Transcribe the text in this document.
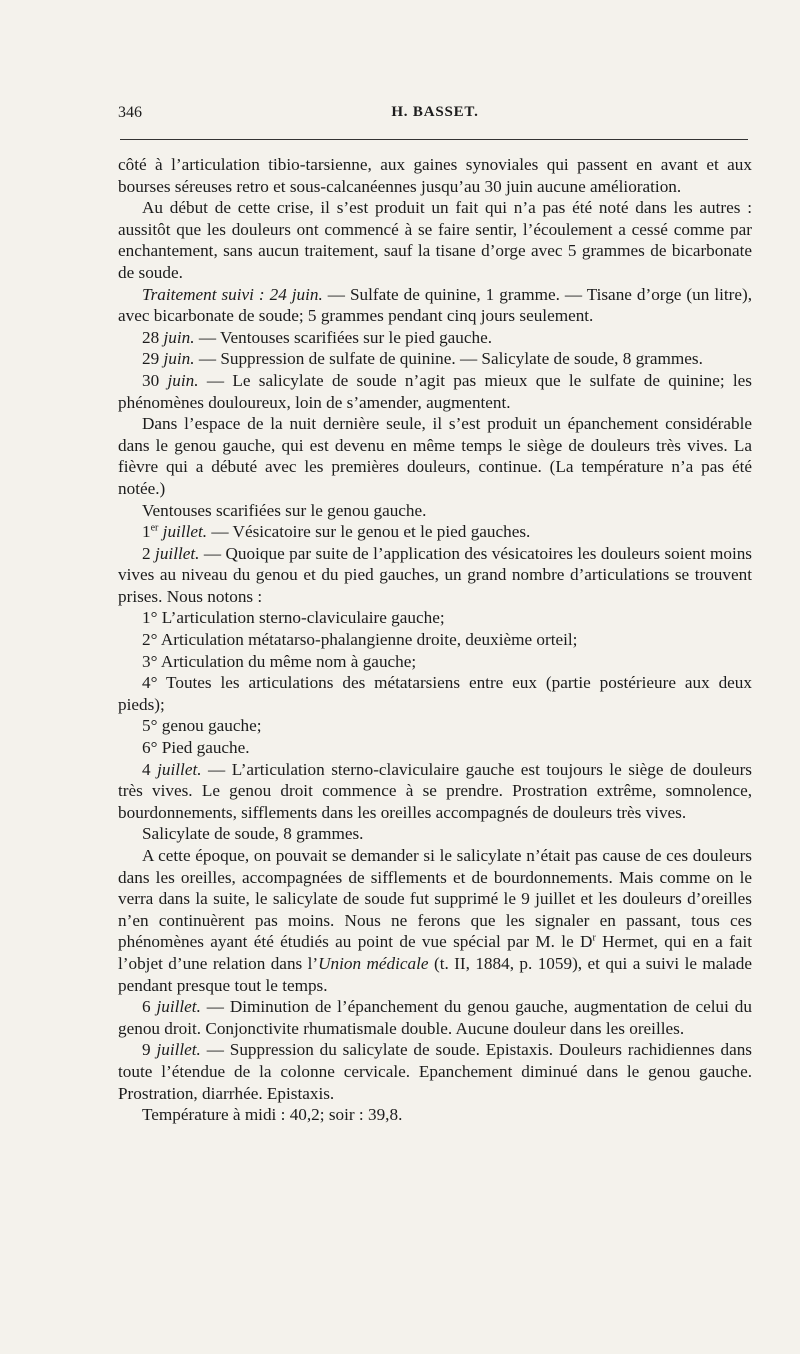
346	H. BASSET.

côté à l’articulation tibio-tarsienne, aux gaines synoviales qui passent en avant et aux bourses séreuses retro et sous-calcanéennes jusqu’au 30 juin aucune amélioration.

Au début de cette crise, il s’est produit un fait qui n’a pas été noté dans les autres : aussitôt que les douleurs ont commencé à se faire sentir, l’écoulement a cessé comme par enchantement, sans aucun traitement, sauf la tisane d’orge avec 5 grammes de bicarbonate de soude.

Traitement suivi : 24 juin. — Sulfate de quinine, 1 gramme. — Tisane d’orge (un litre), avec bicarbonate de soude; 5 grammes pendant cinq jours seulement.

28 juin. — Ventouses scarifiées sur le pied gauche.

29 juin. — Suppression de sulfate de quinine. — Salicylate de soude, 8 grammes.

30 juin. — Le salicylate de soude n’agit pas mieux que le sulfate de quinine; les phénomènes douloureux, loin de s’amender, augmentent.

Dans l’espace de la nuit dernière seule, il s’est produit un épanchement considérable dans le genou gauche, qui est devenu en même temps le siège de douleurs très vives. La fièvre qui a débuté avec les premières douleurs, continue. (La température n’a pas été notée.)

Ventouses scarifiées sur le genou gauche.

1er juillet. — Vésicatoire sur le genou et le pied gauches.

2 juillet. — Quoique par suite de l’application des vésicatoires les douleurs soient moins vives au niveau du genou et du pied gauches, un grand nombre d’articulations se trouvent prises. Nous notons :

1° L’articulation sterno-claviculaire gauche;

2° Articulation métatarso-phalangienne droite, deuxième orteil;

3° Articulation du même nom à gauche;

4° Toutes les articulations des métatarsiens entre eux (partie postérieure aux deux pieds);

5° genou gauche;

6° Pied gauche.

4 juillet. — L’articulation sterno-claviculaire gauche est toujours le siège de douleurs très vives. Le genou droit commence à se prendre. Prostration extrême, somnolence, bourdonnements, sifflements dans les oreilles accompagnés de douleurs très vives.

Salicylate de soude, 8 grammes.

A cette époque, on pouvait se demander si le salicylate n’était pas cause de ces douleurs dans les oreilles, accompagnées de sifflements et de bourdonnements. Mais comme on le verra dans la suite, le salicylate de soude fut supprimé le 9 juillet et les douleurs d’oreilles n’en continuèrent pas moins. Nous ne ferons que les signaler en passant, tous ces phénomènes ayant été étudiés au point de vue spécial par M. le $D^r$ Hermet, qui en a fait l’objet d’une relation dans l’Union médicale (t. II, 1884, p. 1059), et qui a suivi le malade pendant presque tout le temps.

6 juillet. — Diminution de l’épanchement du genou gauche, augmentation de celui du genou droit. Conjonctivite rhumatismale double. Aucune douleur dans les oreilles.

9 juillet. — Suppression du salicylate de soude. Epistaxis. Douleurs rachidiennes dans toute l’étendue de la colonne cervicale. Epanchement diminué dans le genou gauche. Prostration, diarrhée. Epistaxis.

Température à midi : 40,2; soir : 39,8.
